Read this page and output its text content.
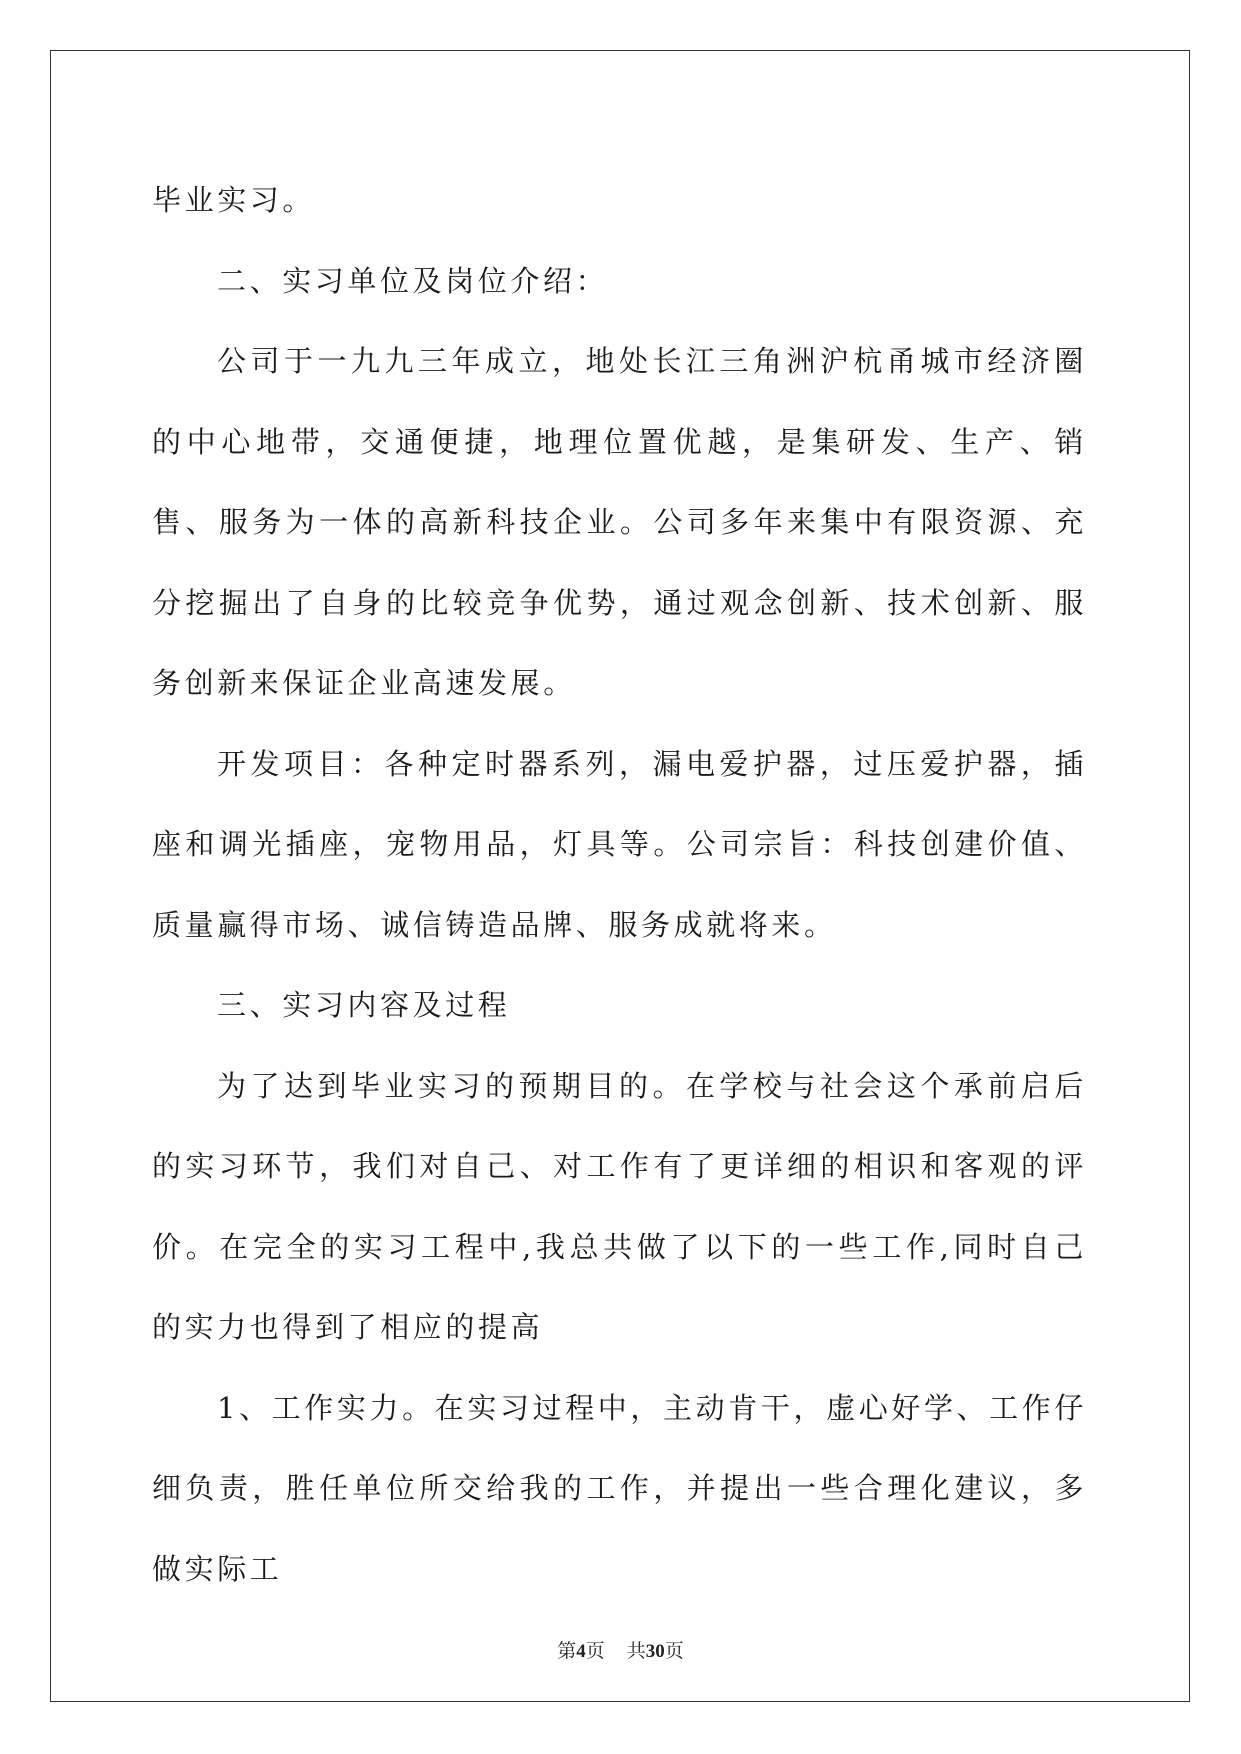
毕业实习。

二、实习单位及岗位介绍：

公司于一九九三年成立，地处长江三角洲沪杭甬城市经济圈的中心地带，交通便捷，地理位置优越，是集研发、生产、销售、服务为一体的高新科技企业。公司多年来集中有限资源、充分挖掘出了自身的比较竞争优势，通过观念创新、技术创新、服务创新来保证企业高速发展。

开发项目：各种定时器系列，漏电爱护器，过压爱护器，插座和调光插座，宠物用品，灯具等。公司宗旨：科技创建价值、质量赢得市场、诚信铸造品牌、服务成就将来。

三、实习内容及过程

为了达到毕业实习的预期目的。在学校与社会这个承前启后的实习环节，我们对自己、对工作有了更详细的相识和客观的评价。在完全的实习工程中,我总共做了以下的一些工作,同时自己的实力也得到了相应的提高

1、工作实力。在实习过程中，主动肯干，虚心好学、工作仔细负责，胜任单位所交给我的工作，并提出一些合理化建议，多做实际工

第4页 共30页
